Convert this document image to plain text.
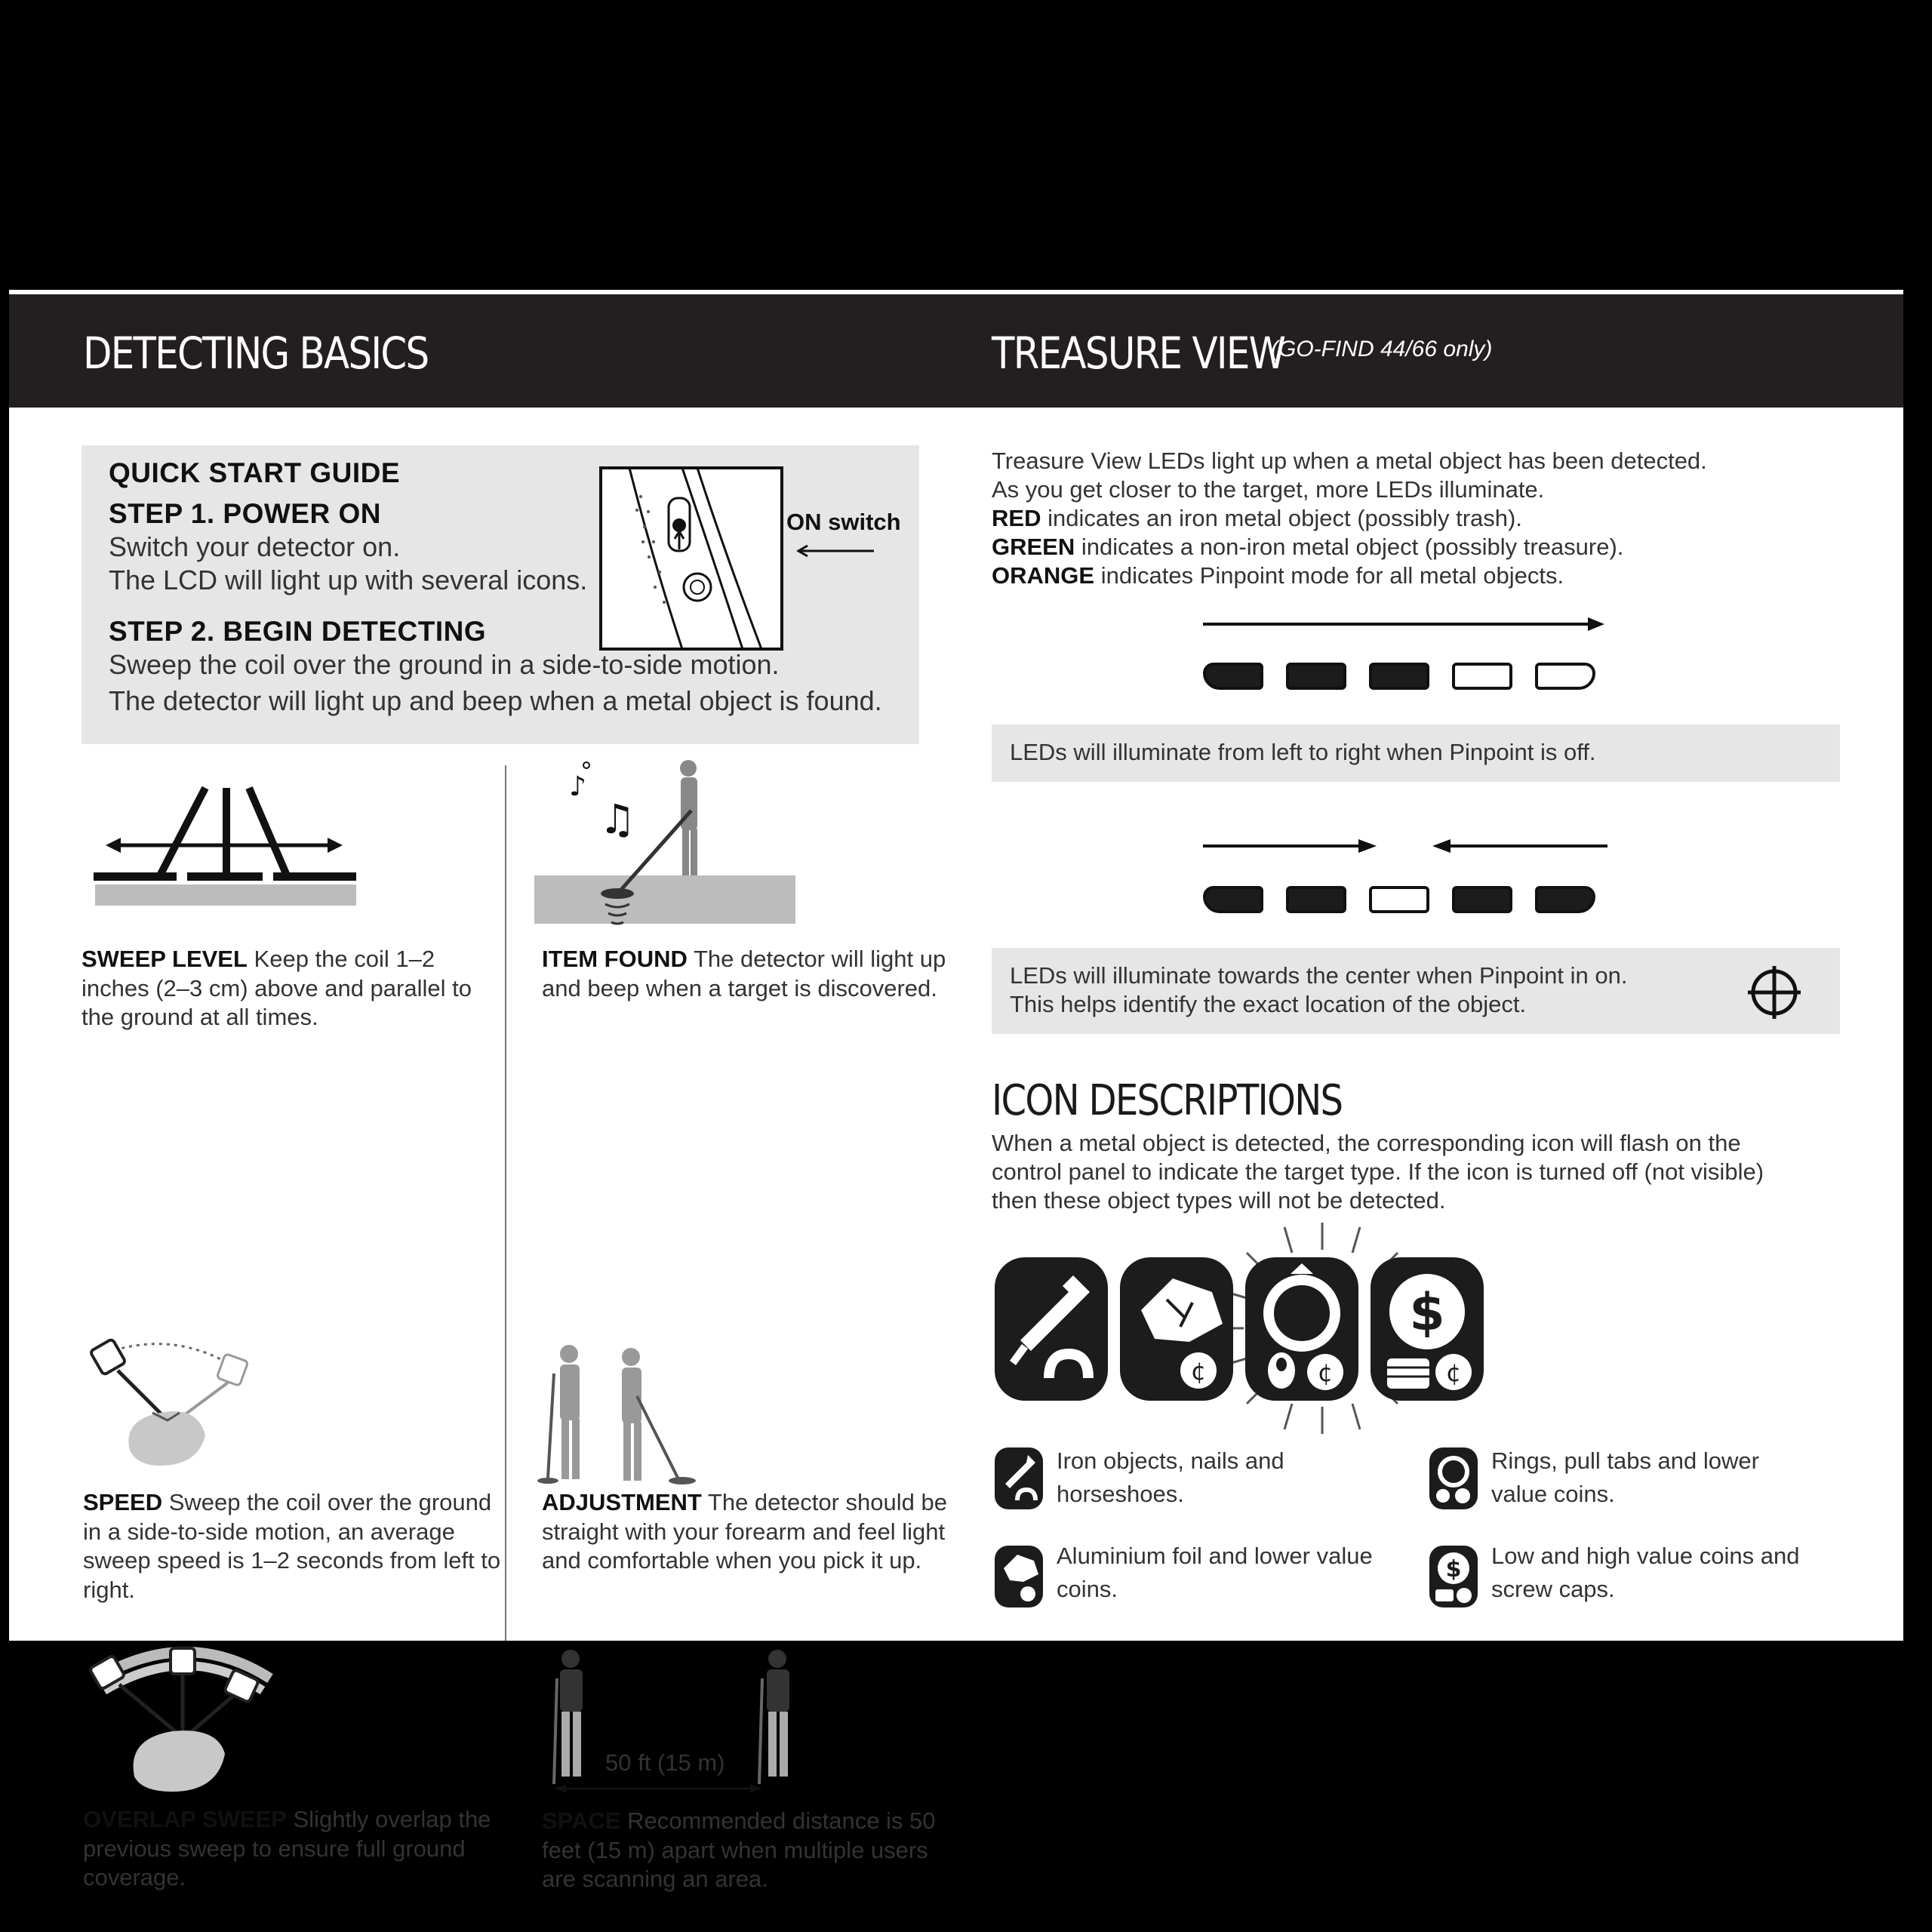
DETECTING BASICS	TREASURE VIEW
(GO-FIND 44/66 only)
QUICK START GUIDE
STEP 1. POWER ON
Switch your detector on.
The LCD will light up with several icons.
STEP 2. BEGIN DETECTING
Sweep the coil over the ground in a side-to-side motion.
The detector will light up and beep when a metal object is found.
ON switch
SWEEP LEVEL Keep the coil 1–2 inches (2–3 cm) above and parallel to the ground at all times.
♪
♫
ITEM FOUND The detector will light up and beep when a target is discovered.
SPEED Sweep the coil over the ground in a side-to-side motion, an average sweep speed is 1–2 seconds from left to right.
ADJUSTMENT The detector should be straight with your forearm and feel light and comfortable when you pick it up.
OVERLAP SWEEP Slightly overlap the previous sweep to ensure full ground coverage.
50 ft (15 m)
SPACE Recommended distance is 50 feet (15 m) apart when multiple users are scanning an area.
Treasure View LEDs light up when a metal object has been detected.
As you get closer to the target, more LEDs illuminate.
RED indicates an iron metal object (possibly trash).
GREEN indicates a non-iron metal object (possibly treasure).
ORANGE indicates Pinpoint mode for all metal objects.
LEDs will illuminate from left to right when Pinpoint is off.
LEDs will illuminate towards the center when Pinpoint in on.
This helps identify the exact location of the object.
ICON DESCRIPTIONS
When a metal object is detected, the corresponding icon will flash on the
control panel to indicate the target type. If the icon is turned off (not visible)
then these object types will not be detected.
¢	¢
$
¢
Iron objects, nails and
horseshoes.
Rings, pull tabs and lower
value coins.
Aluminium foil and lower value
coins.
$
Low and high value coins and
screw caps.
